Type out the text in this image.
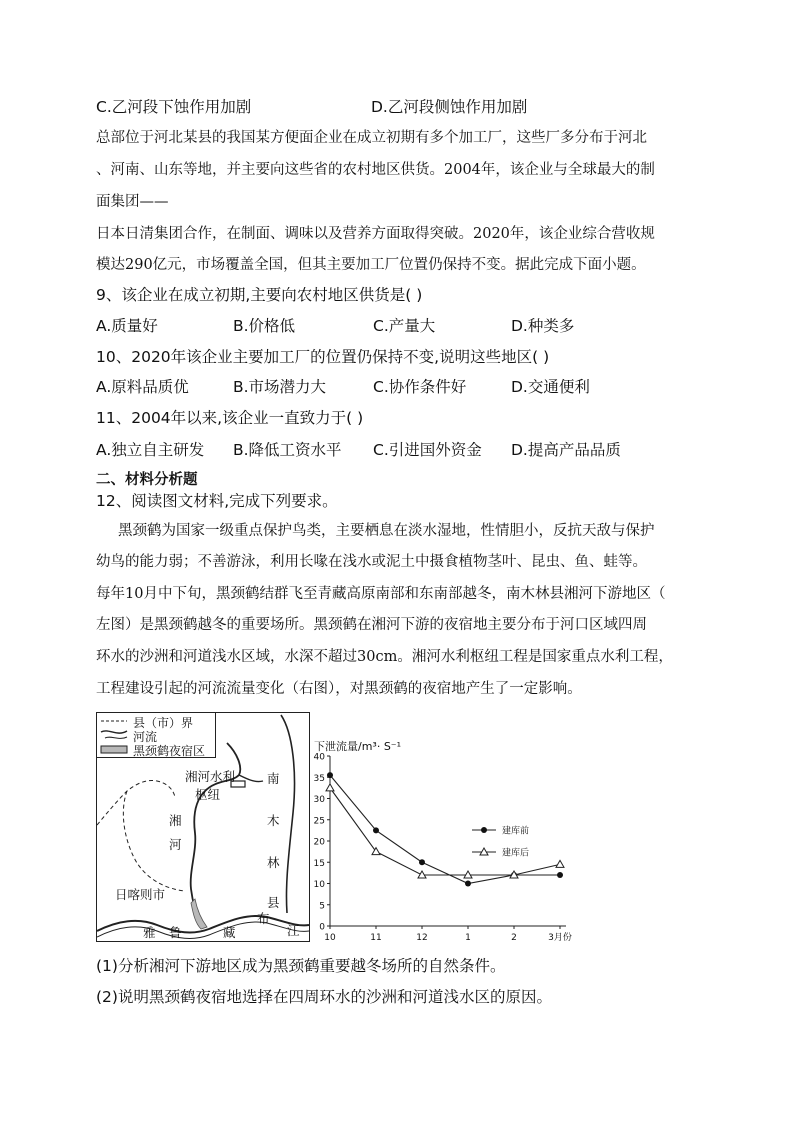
C.乙河段下蚀作用加剧	D.乙河段侧蚀作用加剧
总部位于河北某县的我国某方便面企业在成立初期有多个加工厂，这些厂多分布于河北
、河南、山东等地，并主要向这些省的农村地区供货。2004年，该企业与全球最大的制
面集团——
日本日清集团合作，在制面、调味以及营养方面取得突破。2020年，该企业综合营收规
模达290亿元，市场覆盖全国，但其主要加工厂位置仍保持不变。据此完成下面小题。
9、该企业在成立初期,主要向农村地区供货是( )
A.质量好	B.价格低	C.产量大	D.种类多
10、2020年该企业主要加工厂的位置仍保持不变,说明这些地区( )
A.原料品质优	B.市场潜力大	C.协作条件好	D.交通便利
11、2004年以来,该企业一直致力于( )
A.独立自主研发 B.降低工资水平 C.引进国外资金 D.提高产品品质
二、材料分析题
12、阅读图文材料,完成下列要求。
黑颈鹤为国家一级重点保护鸟类，主要栖息在淡水湿地，性情胆小，反抗天敌与保护
幼鸟的能力弱；不善游泳，利用长喙在浅水或泥土中摄食植物茎叶、昆虫、鱼、蛙等。
每年10月中下旬，黑颈鹤结群飞至青藏高原南部和东南部越冬，南木林县湘河下游地区（
左图）是黑颈鹤越冬的重要场所。黑颈鹤在湘河下游的夜宿地主要分布于河口区域四周
环水的沙洲和河道浅水区域，水深不超过30cm。湘河水利枢纽工程是国家重点水利工程，
工程建设引起的河流流量变化（右图），对黑颈鹤的夜宿地产生了一定影响。
县（市）界
河流
黑颈鹤夜宿区
湘河水利
枢纽
湘
河
日喀则市
南
木
林
县
雅 鲁	藏
布
江
下泄流量/m³· S⁻¹
0
5
10
15
20
25
30
35
40
10	11	12	1	2	3月份
建库前
建库后
(1)分析湘河下游地区成为黑颈鹤重要越冬场所的自然条件。
(2)说明黑颈鹤夜宿地选择在四周环水的沙洲和河道浅水区的原因。
